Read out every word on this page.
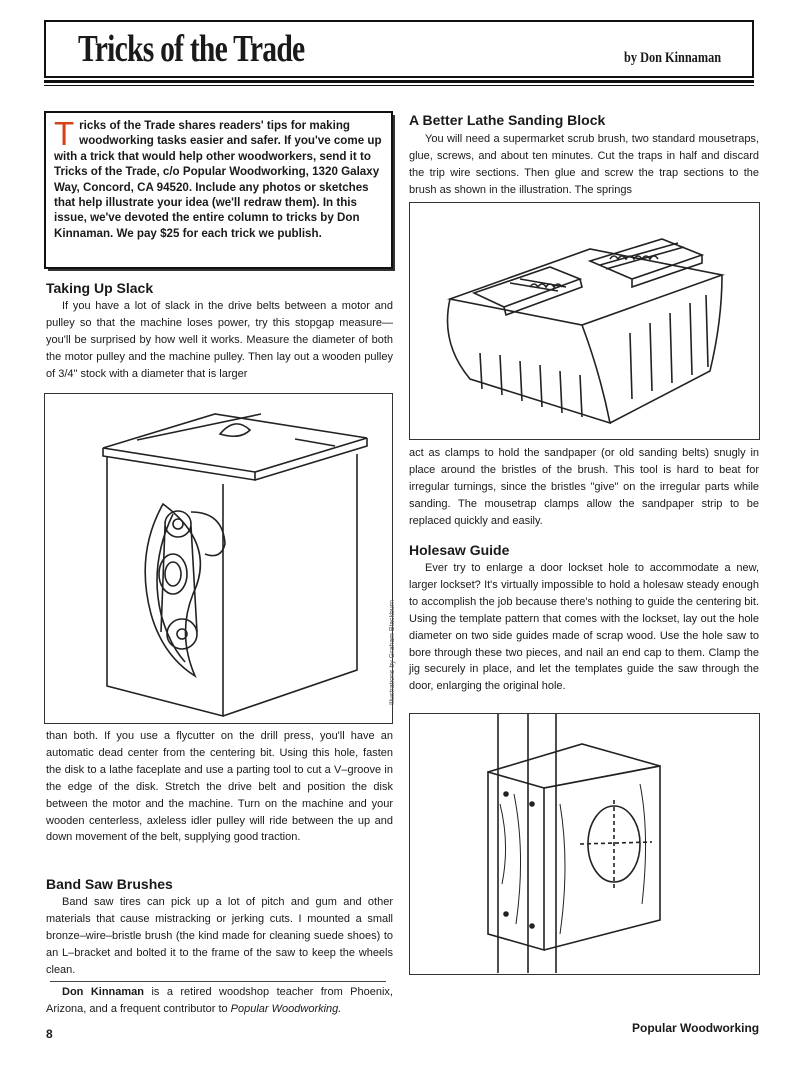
Tricks of the Trade	by Don Kinnaman
Tricks of the Trade shares readers' tips for making woodworking tasks easier and safer. If you've come up with a trick that would help other woodworkers, send it to Tricks of the Trade, c/o Popular Woodworking, 1320 Galaxy Way, Concord, CA 94520. Include any photos or sketches that help illustrate your idea (we'll redraw them). In this issue, we've devoted the entire column to tricks by Don Kinnaman. We pay $25 for each trick we publish.
Taking Up Slack

If you have a lot of slack in the drive belts between a motor and pulley so that the machine loses power, try this stopgap measure—you'll be surprised by how well it works. Measure the diameter of both the motor pulley and the machine pulley. Then lay out a wooden pulley of 3/4" stock with a diameter that is larger

than both. If you use a flycutter on the drill press, you'll have an automatic dead center from the centering bit. Using this hole, fasten the disk to a lathe faceplate and use a parting tool to cut a V–groove in the edge of the disk. Stretch the drive belt and position the disk between the motor and the machine. Turn on the machine and your wooden centerless, axleless idler pulley will ride between the up and down movement of the belt, supplying good traction.

Band Saw Brushes

Band saw tires can pick up a lot of pitch and gum and other materials that cause mistracking or jerking cuts. I mounted a small bronze–wire–bristle brush (the kind made for cleaning suede shoes) to an L–bracket and bolted it to the frame of the saw to keep the wheels clean.

Don Kinnaman is a retired woodshop teacher from Phoenix, Arizona, and a frequent contributor to Popular Woodworking.

A Better Lathe Sanding Block

You will need a supermarket scrub brush, two standard mousetraps, glue, screws, and about ten minutes. Cut the traps in half and discard the trip wire sections. Then glue and screw the trap sections to the brush as shown in the illustration. The springs

act as clamps to hold the sandpaper (or old sanding belts) snugly in place around the bristles of the brush. This tool is hard to beat for irregular turnings, since the bristles "give" on the irregular parts while sanding. The mousetrap clamps allow the sandpaper strip to be replaced quickly and easily.

Holesaw Guide

Ever try to enlarge a door lockset hole to accommodate a new, larger lockset? It's virtually impossible to hold a holesaw steady enough to accomplish the job because there's nothing to guide the centering bit. Using the template pattern that comes with the lockset, lay out the hole diameter on two side guides made of scrap wood. Use the hole saw to bore through these two pieces, and nail an end cap to them. Clamp the jig securely in place, and let the templates guide the saw through the door, enlarging the original hole.

Illustrations by Graham Blackburn
8	Popular Woodworking
